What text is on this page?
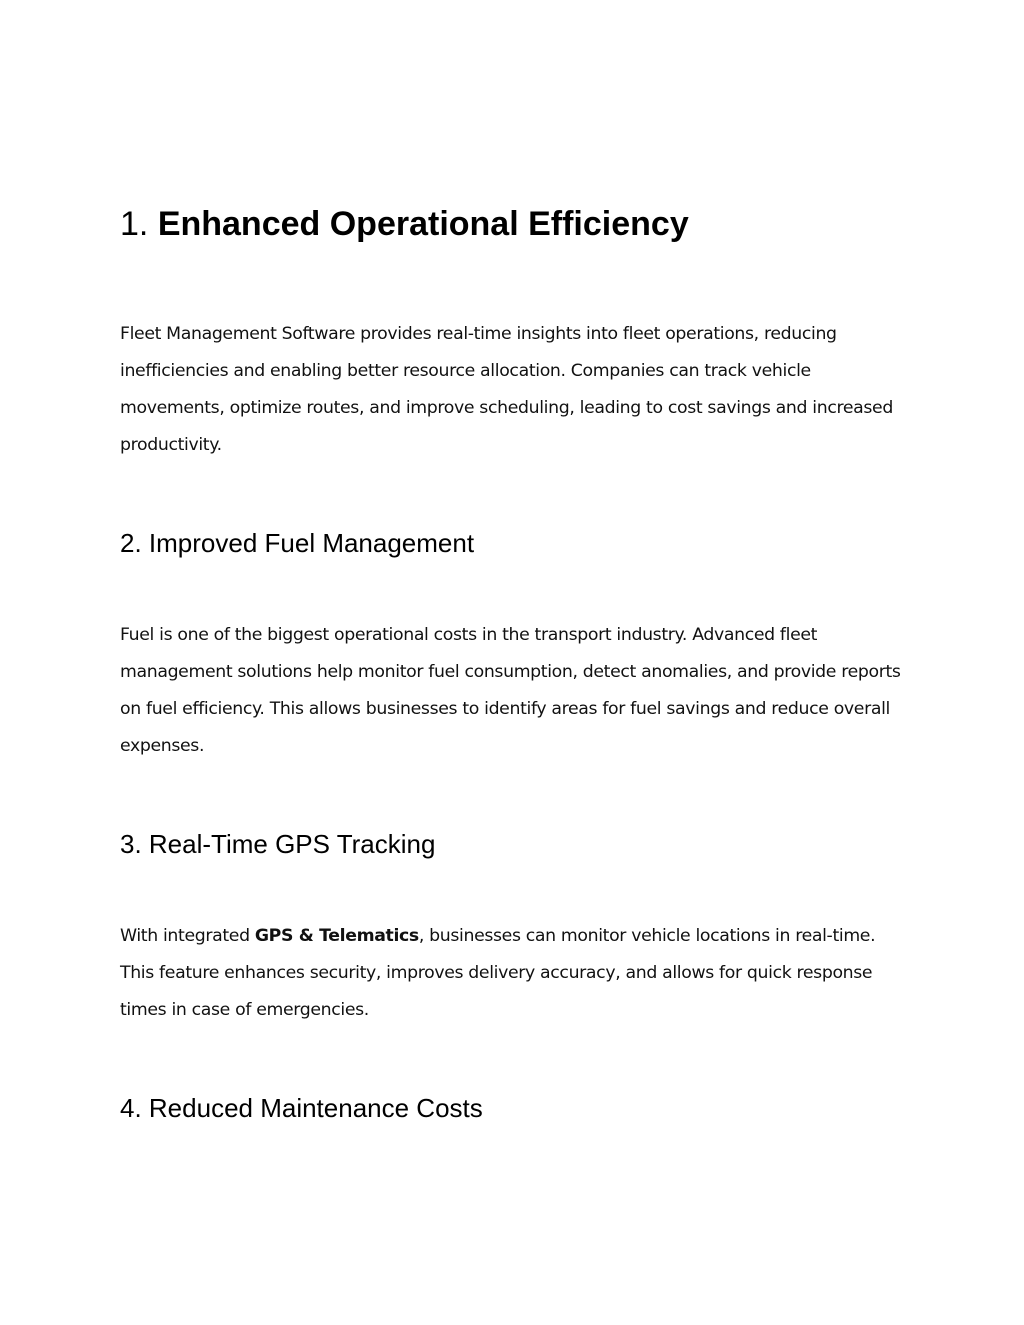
1. Enhanced Operational Efficiency

Fleet Management Software provides real-time insights into fleet operations, reducing inefficiencies and enabling better resource allocation. Companies can track vehicle movements, optimize routes, and improve scheduling, leading to cost savings and increased productivity.

2. Improved Fuel Management

Fuel is one of the biggest operational costs in the transport industry. Advanced fleet management solutions help monitor fuel consumption, detect anomalies, and provide reports on fuel efficiency. This allows businesses to identify areas for fuel savings and reduce overall expenses.

3. Real-Time GPS Tracking

With integrated GPS & Telematics, businesses can monitor vehicle locations in real-time. This feature enhances security, improves delivery accuracy, and allows for quick response times in case of emergencies.

4. Reduced Maintenance Costs
